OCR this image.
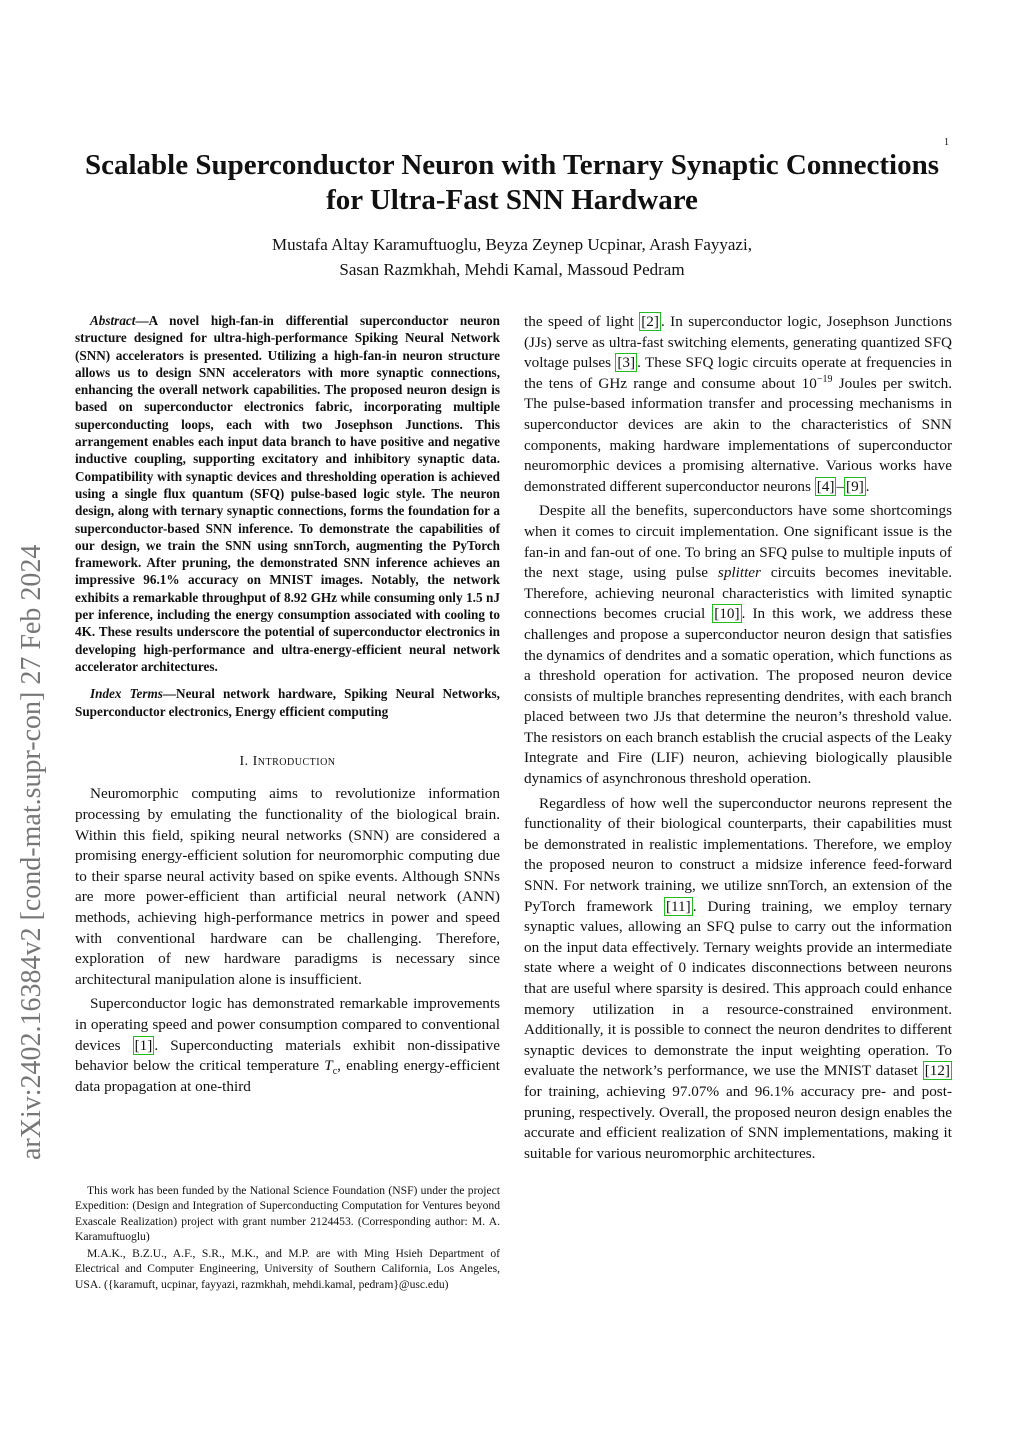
1
arXiv:2402.16384v2 [cond-mat.supr-con] 27 Feb 2024
Scalable Superconductor Neuron with Ternary Synaptic Connections
for Ultra-Fast SNN Hardware
Mustafa Altay Karamuftuoglu, Beyza Zeynep Ucpinar, Arash Fayyazi,
Sasan Razmkhah, Mehdi Kamal, Massoud Pedram

Abstract—A novel high-fan-in differential superconductor neuron structure designed for ultra-high-performance Spiking Neural Network (SNN) accelerators is presented. Utilizing a high-fan-in neuron structure allows us to design SNN accelerators with more synaptic connections, enhancing the overall network capabilities. The proposed neuron design is based on superconductor electronics fabric, incorporating multiple superconducting loops, each with two Josephson Junctions. This arrangement enables each input data branch to have positive and negative inductive coupling, supporting excitatory and inhibitory synaptic data. Compatibility with synaptic devices and thresholding operation is achieved using a single flux quantum (SFQ) pulse-based logic style. The neuron design, along with ternary synaptic connections, forms the foundation for a superconductor-based SNN inference. To demonstrate the capabilities of our design, we train the SNN using snnTorch, augmenting the PyTorch framework. After pruning, the demonstrated SNN inference achieves an impressive 96.1% accuracy on MNIST images. Notably, the network exhibits a remarkable throughput of 8.92 GHz while consuming only 1.5 nJ per inference, including the energy consumption associated with cooling to 4K. These results underscore the potential of superconductor electronics in developing high-performance and ultra-energy-efficient neural network accelerator architectures.

Index Terms—Neural network hardware, Spiking Neural Networks, Superconductor electronics, Energy efficient computing

I. Introduction

Neuromorphic computing aims to revolutionize information processing by emulating the functionality of the biological brain. Within this field, spiking neural networks (SNN) are considered a promising energy-efficient solution for neuromorphic computing due to their sparse neural activity based on spike events. Although SNNs are more power-efficient than artificial neural network (ANN) methods, achieving high-performance metrics in power and speed with conventional hardware can be challenging. Therefore, exploration of new hardware paradigms is necessary since architectural manipulation alone is insufficient.

Superconductor logic has demonstrated remarkable improvements in operating speed and power consumption compared to conventional devices [1] . Superconducting materials exhibit non-dissipative behavior below the critical temperature $T_c$, enabling energy-efficient data propagation at one-third

This work has been funded by the National Science Foundation (NSF) under the project Expedition: (Design and Integration of Superconducting Computation for Ventures beyond Exascale Realization) project with grant number 2124453. (Corresponding author: M. A. Karamuftuoglu)

M.A.K., B.Z.U., A.F., S.R., M.K., and M.P. are with Ming Hsieh Department of Electrical and Computer Engineering, University of Southern California, Los Angeles, USA. ({karamuft, ucpinar, fayyazi, razmkhah, mehdi.kamal, pedram}@usc.edu)

the speed of light [2] . In superconductor logic, Josephson Junctions (JJs) serve as ultra-fast switching elements, generating quantized SFQ voltage pulses [3] . These SFQ logic circuits operate at frequencies in the tens of GHz range and consume about $10^{-19}$ Joules per switch. The pulse-based information transfer and processing mechanisms in superconductor devices are akin to the characteristics of SNN components, making hardware implementations of superconductor neuromorphic devices a promising alternative. Various works have demonstrated different superconductor neurons [4] – [9] .

Despite all the benefits, superconductors have some shortcomings when it comes to circuit implementation. One significant issue is the fan-in and fan-out of one. To bring an SFQ pulse to multiple inputs of the next stage, using pulse splitter circuits becomes inevitable. Therefore, achieving neuronal characteristics with limited synaptic connections becomes crucial [10] . In this work, we address these challenges and propose a superconductor neuron design that satisfies the dynamics of dendrites and a somatic operation, which functions as a threshold operation for activation. The proposed neuron device consists of multiple branches representing dendrites, with each branch placed between two JJs that determine the neuron’s threshold value. The resistors on each branch establish the crucial aspects of the Leaky Integrate and Fire (LIF) neuron, achieving biologically plausible dynamics of asynchronous threshold operation.

Regardless of how well the superconductor neurons represent the functionality of their biological counterparts, their capabilities must be demonstrated in realistic implementations. Therefore, we employ the proposed neuron to construct a midsize inference feed-forward SNN. For network training, we utilize snnTorch, an extension of the PyTorch framework [11] . During training, we employ ternary synaptic values, allowing an SFQ pulse to carry out the information on the input data effectively. Ternary weights provide an intermediate state where a weight of 0 indicates disconnections between neurons that are useful where sparsity is desired. This approach could enhance memory utilization in a resource-constrained environment. Additionally, it is possible to connect the neuron dendrites to different synaptic devices to demonstrate the input weighting operation. To evaluate the network’s performance, we use the MNIST dataset [12] for training, achieving 97.07% and 96.1% accuracy pre- and post-pruning, respectively. Overall, the proposed neuron design enables the accurate and efficient realization of SNN implementations, making it suitable for various neuromorphic architectures.
